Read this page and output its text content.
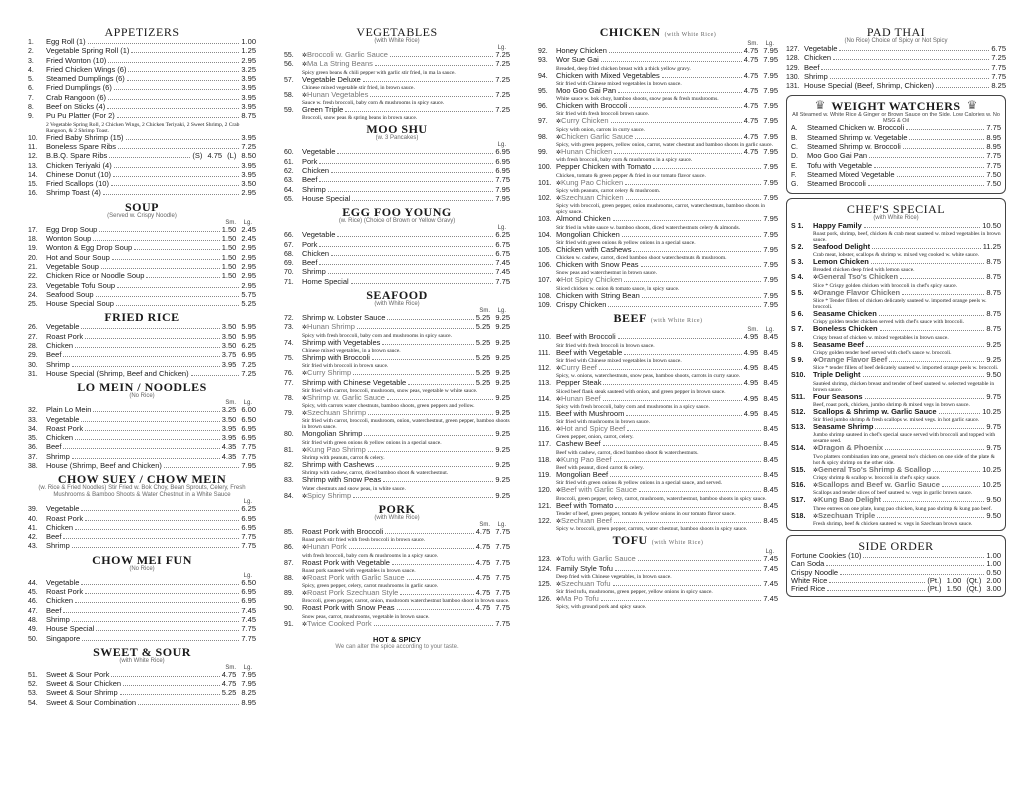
APPETIZERS
1.	Egg Roll (1)	1.00
2.	Vegetable Spring Roll (1)	1.25
3.	Fried Wonton (10)	2.95
4.	Fried Chicken Wings (6)	3.25
5.	Steamed Dumplings (6)	3.95
6.	Fried Dumplings (6)	3.95
7.	Crab Rangoon (6)	3.95
8.	Beef on Sticks (4)	3.95
9.	Pu Pu Platter (For 2)	8.75
2 Vegetable Spring Roll, 2 Chicken Wings, 2 Chicken Teriyaki, 2 Sweet Shrimp, 2 Crab Rangoon, & 2 Shrimp Toast.
10.	Fried Baby Shrimp (15)	3.95
11.	Boneless Spare Ribs	7.25
12.	B.B.Q. Spare Ribs	(S) 4.75 (L) 8.50
13.	Chicken Teriyaki (4)	3.95
14.	Chinese Donut (10)	3.95
15.	Fried Scallops (10)	3.50
16.	Shrimp Toast (4)	2.95
SOUP
(Served w. Crispy Noodle)
Sm. Lg.
17.	Egg Drop Soup	1.50 2.45
18.	Wonton Soup	1.50 2.45
19.	Wonton & Egg Drop Soup	1.50 2.95
20.	Hot and Sour Soup	1.50 2.95
21.	Vegetable Soup	1.50 2.95
22.	Chicken Rice or Noodle Soup	1.50 2.95
23.	Vegetable Tofu Soup	2.95
24.	Seafood Soup	5.75
25.	House Special Soup	5.25
FRIED RICE
26.	Vegetable	3.50 5.95
27.	Roast Pork	3.50 5.95
28.	Chicken	3.50 6.25
29.	Beef	3.75 6.95
30.	Shrimp	3.95 7.25
31.	House Special (Shrimp, Beef and Chicken)	7.25
LO MEIN / NOODLES
(No Rice)
Sm. Lg.
32.	Plain Lo Mein	3.25 6.00
33.	Vegetable	3.50 6.50
34.	Roast Pork	3.95 6.95
35.	Chicken	3.95 6.95
36.	Beef	4.35 7.75
37.	Shrimp	4.35 7.75
38.	House (Shrimp, Beef and Chicken)	7.95
CHOW SUEY / CHOW MEIN
(w. Rice & Fried Noodles) Stir Fried w. Bok Choy, Bean Sprouts, Celery, Fresh Mushrooms & Bamboo Shoots & Water Chestnut in a White Sauce
Lg.
39.	Vegetable	6.25
40.	Roast Pork	6.95
41.	Chicken	6.95
42.	Beef	7.75
43.	Shrimp	7.75
CHOW MEI FUN
(No Rice)
Lg.
44.	Vegetable	6.50
45.	Roast Pork	6.95
46.	Chicken	6.95
47.	Beef	7.45
48.	Shrimp	7.45
49.	House Special	7.75
50.	Singapore	7.75
SWEET & SOUR
(with White Rice)
Sm. Lg.
51.	Sweet & Sour Pork	4.75 7.95
52.	Sweet & Sour Chicken	4.75 7.95
53.	Sweet & Sour Shrimp	5.25 8.25
54.	Sweet & Sour Combination	8.95
VEGETABLES
(with White Rice)
Lg.
55.	✲ Broccoli w. Garlic Sauce	7.25
56.	✲ Ma La String Beans	7.25
Spicy green beans & chili pepper with garlic stir fried, in ma la sauce.
57.	Vegetable Deluxe	7.25
Chinese mixed vegetable stir fried, in brown sauce.
58.	✲ Hunan Vegetables	7.25
Sauce w. fresh broccoli, baby corn & mushrooms in spicy sauce.
59.	Green Triple	7.25
Broccoli, snow peas & spring beans in brown sauce.
MOO SHU
(w. 3 Pancakes)
Lg.
60.	Vegetable	6.95
61.	Pork	6.95
62.	Chicken	6.95
63.	Beef	7.75
64.	Shrimp	7.95
65.	House Special	7.95
EGG FOO YOUNG
(w. Rice) (Choice of Brown or Yellow Gravy)
Lg.
66.	Vegetable	6.25
67.	Pork	6.75
68.	Chicken	6.75
69.	Beef	7.45
70.	Shrimp	7.45
71.	Home Special	7.75
SEAFOOD
(with White Rice)
Sm. Lg.
72.	Shrimp w. Lobster Sauce	5.25 9.25
73.	✲ Hunan Shrimp	5.25 9.25
Spicy with fresh broccoli, baby corn and mushrooms in spicy sauce.
74.	Shrimp with Vegetables	5.25 9.25
Chinese mixed vegetables, in a brown sauce.
75.	Shrimp with Broccoli	5.25 9.25
Stir fried with broccoli in brown sauce.
76.	✲ Curry Shrimp	5.25 9.25
77.	Shrimp with Chinese Vegetable	5.25 9.25
Stir fried with carrot, broccoli, mushroom, snow peas, vegetable w white sauce.
78.	✲ Shrimp w. Garlic Sauce	9.25
Spicy, with carrots water chestnuts, bamboo shoots, green peppers and yellow.
79.	✲ Szechuan Shrimp	9.25
Stir fried with carrot, broccoli, mushroom, onion, waterchestnut, green pepper, bamboo shoots in brown sauce.
80.	Mongolian Shrimp	9.25
Stir fried with green onions & yellow onions in a special sauce.
81.	✲ Kung Pao Shrimp	9.25
Shrimp with peanuts, carrot & celery.
82.	Shrimp with Cashews	9.25
Shrimp with cashew, carrot, diced bamboo shoot & waterchestnut.
83.	Shrimp with Snow Peas	9.25
Water chestnuts and snow peas, in white sauce.
84.	✲ Spicy Shrimp	9.25
PORK
(with White Rice)
Sm. Lg.
85.	Roast Pork with Broccoli	4.75 7.75
Roast pork stir fried with fresh broccoli in brown sauce.
86.	✲ Hunan Pork	4.75 7.75
with fresh broccoli, baby corn & mushrooms in a spicy sauce.
87.	Roast Pork with Vegetable	4.75 7.75
Roast pork sauteed with vegetables in brown sauce.
88.	✲ Roast Pork with Garlic Sauce	4.75 7.75
Spicy, green pepper, celery, carrot mushrooms in garlic sauce.
89.	✲ Roast Pork Szechuan Style	4.75 7.75
Broccoli, green pepper, carrot, onion, mushroom waterchestnut bamboo shoot in brown sauce.
90.	Roast Pork with Snow Peas	4.75 7.75
Snow peas, carrot, mushrooms, vegetable in brown sauce.
91.	✲ Twice Cooked Pork	7.75
HOT & SPICY
We can alter the spice according to your taste.
CHICKEN (with White Rice)
Sm. Lg.
92.	Honey Chicken	4.75 7.95
93.	Wor Sue Gai	4.75 7.95
Breaded, deep fried chicken breast with a thick yellow gravy.
94.	Chicken with Mixed Vegetables	4.75 7.95
Stir fried with Chinese mixed vegetables in brown sauce.
95.	Moo Goo Gai Pan	4.75 7.95
White sauce w. bok choy, bamboo shoots, snow peas & fresh mushrooms.
96.	Chicken with Broccoli	4.75 7.95
Stir fried with fresh broccoli brown sauce.
97.	✲ Curry Chicken	4.75 7.95
Spicy with onion, carrots in curry sauce.
98.	✲ Chicken Garlic Sauce	4.75 7.95
Spicy, with green peppers, yellow onion, carrot, water chestnut and bamboo shoots in garlic sauce.
99.	✲ Hunan Chicken	4.75 7.95
with fresh broccoli, baby corn & mushrooms in a spicy sauce.
100. Pepper Chicken with Tomato	7.95
Chicken, tomato & green pepper & fried in our tomato flavor sauce.
101. ✲ Kung Pao Chicken	7.95
Spicy with peanuts, carrot celery & mushroom.
102. ✲ Szechuan Chicken	7.95
Spicy with broccoli, green pepper, onion mushrooms, carrot, waterchestnuts, bamboo shoots in spicy sauce.
103. Almond Chicken	7.95
Stir fried in white sauce w. bamboo shoots, diced waterchestnuts celery & almonds.
104. Mongolian Chicken	7.95
Stir fried with green onions & yellow onions in a special sauce.
105. Chicken with Cashews	7.95
Chicken w. cashew, carrot, diced bamboo shoot waterchestnuts & mushroom.
106. Chicken with Snow Peas	7.95
Snow peas and waterchestnut in brown sauce.
107. ✲ Hot Spicy Chicken	7.95
Sliced chicken w. onion & tomato sauce, in spicy sauce.
108. Chicken with String Bean	7.95
109. Crispy Chicken	7.95
BEEF (with White Rice)
Sm. Lg.
110. Beef with Broccoli	4.95 8.45
Stir fried with fresh broccoli in brown sauce.
111. Beef with Vegetable	4.95 8.45
Stir fried with Chinese mixed vegetables in brown sauce.
112. ✲ Curry Beef	4.95 8.45
Spicy, w. onions, waterchestnuts, snow peas, bamboo shoots, carrots in curry sauce.
113. Pepper Steak	4.95 8.45
Sliced beef flank steak sauteed with onion, and green pepper in brown sauce.
114. ✲ Hunan Beef	4.95 8.45
Spicy with fresh broccoli, baby corn and mushrooms in a spicy sauce.
115. Beef with Mushroom	4.95 8.45
Stir fried with mushrooms in brown sauce.
116. ✲ Hot and Spicy Beef	8.45
Green pepper, onion, carrot, celery.
117. Cashew Beef	8.45
Beef with cashew, carrot, diced bamboo shoot & waterchestnuts.
118. ✲ Kung Pao Beef	8.45
Beef with peanut, diced carrot & celery.
119. Mongolian Beef	8.45
Stir fried with green onions & yellow onions in a special sauce, and served.
120. ✲ Beef with Garlic Sauce	8.45
Broccoli, green pepper, celery, carrot, mushroom, waterchestnut, bamboo shoots in spicy sauce.
121. Beef with Tomato	8.45
Tender of beef, green pepper, tomato & yellow onions in our tomato flavor sauce.
122. ✲ Szechuan Beef	8.45
Spicy w. broccoli, green pepper, carrots, water chestnut, bamboo shoots in spicy sauce.
TOFU (with White Rice)
Lg.
123. ✲ Tofu with Garlic Sauce	7.45
124. Family Style Tofu	7.45
Deep fried with Chinese vegetables, in brown sauce.
125. ✲ Szechuan Tofu	7.45
Stir fried tofu, mushrooms, green pepper, yellow onions in spicy sauce.
126. ✲ Ma Po Tofu	7.45
Spicy, with ground pork and spicy sauce.
PAD THAI
(No Rice) Choice of Spicy or Not Spicy
127. Vegetable	6.75
128. Chicken	7.25
129. Beef	7.75
130. Shrimp	7.75
131. House Special (Beef, Shrimp, Chicken)	8.25
♛ WEIGHT WATCHERS ♛
All Steamed w. White Rice & Ginger or Brown Sauce on the Side. Low Calories w. No MSG & Oil
A.	Steamed Chicken w. Broccoli	7.75
B.	Steamed Shrimp w. Vegetable	8.95
C.	Steamed Shrimp w. Broccoli	8.95
D.	Moo Goo Gai Pan	7.75
E.	Tofu with Vegetable	7.75
F.	Steamed Mixed Vegetable	7.50
G.	Steamed Broccoli	7.50
CHEF'S SPECIAL
(with White Rice)
S 1.	Happy Family	10.50
Roast pork, shrimp, beef, chicken & crab meat sauteed w. mixed vegetables in brown sauce.
S 2.	Seafood Delight	11.25
Crab meat, lobster, scallops & shrimp w. mixed veg cooked w. white sauce.
S 3.	Lemon Chicken	8.75
Breaded chicken deep fried with lemon sauce.
S 4.	✲ General Tso's Chicken	8.75
Slice * Crispy golden chicken with broccoli in chef's spicy sauce.
S 5.	✲ Orange Flavor Chicken	8.75
Slice * Tender fillets of chicken delicately sauteed w. imported orange peels w. broccoli.
S 6.	Seasame Chicken	8.75
Crispy golden tender chicken served with chef's sauce with broccoli.
S 7.	Boneless Chicken	8.75
Crispy breast of chicken w. mixed vegetables in brown sauce.
S 8.	Seasame Beef	9.25
Crispy golden tender beef served with chef's sauce w. broccoli.
S 9.	✲ Orange Flavor Beef	9.25
Slice * tender fillets of beef delicately sauteed w. imported orange peels w. broccoli.
S10.	Triple Delight	9.50
Sautéed shrimp, chicken breast and tender of beef sauteed w. selected vegetable in brown sauce.
S11.	Four Seasons	9.75
Beef, roast pork, chicken, jumbo shrimp & mixed vegs in brown sauce.
S12.	Scallops & Shrimp w. Garlic Sauce	10.25
Stir fried jumbo shrimp & fresh scallops w. mixed vegs. in hot garlic sauce.
S13.	Seasame Shrimp	9.75
Jumbo shrimp sauteed in chef's special sauce served with broccoli and topped with sesame seed.
S14.	✲ Dragon & Phoenix	9.75
Two platters combination into one, general tso's chicken on one side of the plate & hot & spicy shrimp on the other side.
S15.	✲ General Tso's Shrimp & Scallop	10.25
Crispy shrimp & scallop w. broccoli in chef's spicy sauce.
S16.	✲ Scallops and Beef w. Garlic Sauce	10.25
Scallops and tender slices of beef sauteed w. vegs in garlic brown sauce.
S17.	✲ Kung Bao Delight	9.50
Three entrees on one plate, kung pao chicken, kung pao shrimp & kung pao beef.
S18.	✲ Szechuan Triple	9.50
Fresh shrimp, beef & chicken sauteed w. vegs in Szechuan brown sauce.
SIDE ORDER
Fortune Cookies (10)	1.00
Can Soda	1.00
Crispy Noodle	0.50
White Rice	(Pt.) 1.00 (Qt.) 2.00
Fried Rice	(Pt.) 1.50 (Qt.) 3.00
